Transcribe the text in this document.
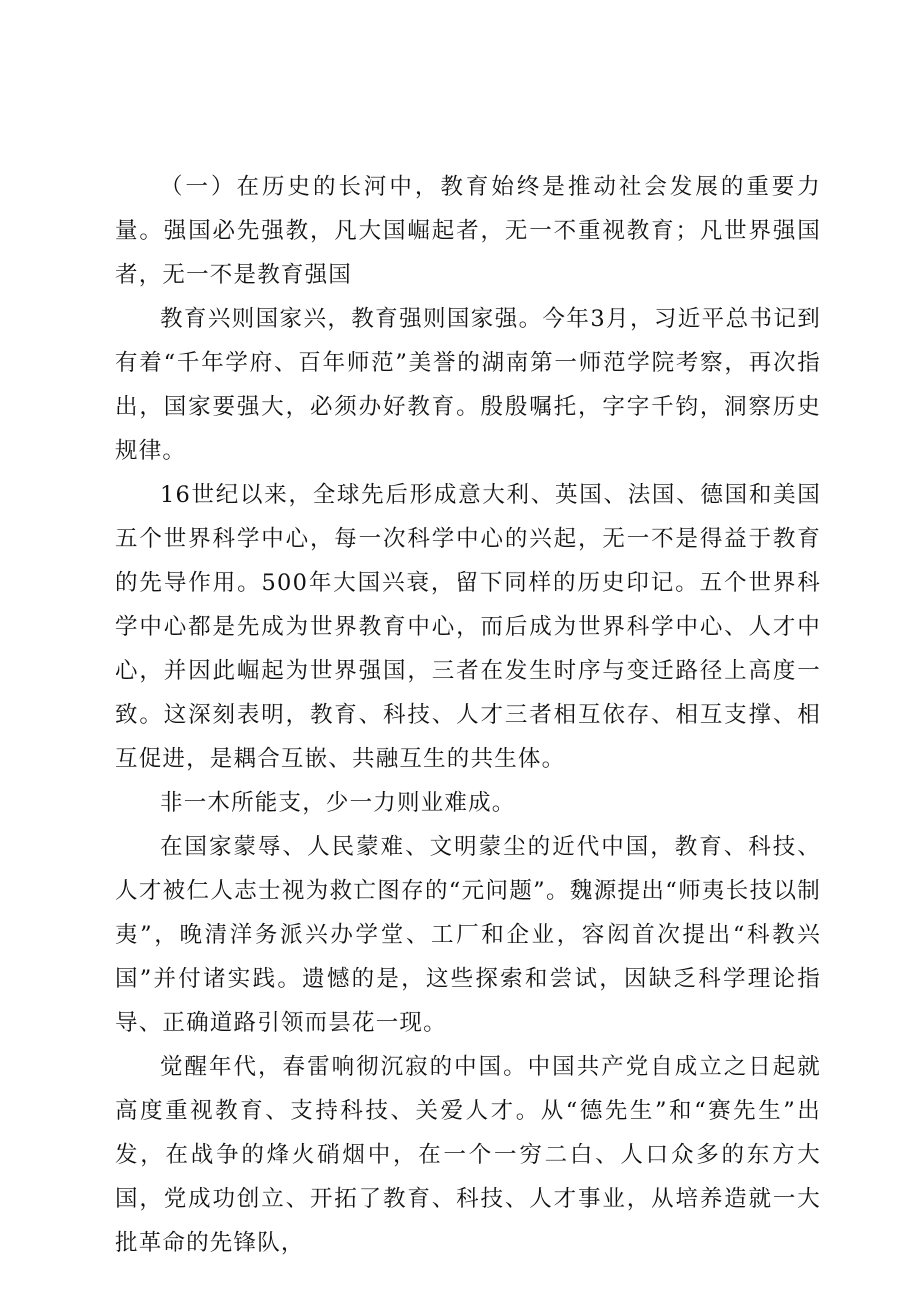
（一）在历史的长河中，教育始终是推动社会发展的重要力量。强国必先强教，凡大国崛起者，无一不重视教育；凡世界强国者，无一不是教育强国

教育兴则国家兴，教育强则国家强。今年3月，习近平总书记到有着“千年学府、百年师范”美誉的湖南第一师范学院考察，再次指出，国家要强大，必须办好教育。殷殷嘱托，字字千钧，洞察历史规律。

16世纪以来，全球先后形成意大利、英国、法国、德国和美国五个世界科学中心，每一次科学中心的兴起，无一不是得益于教育的先导作用。500年大国兴衰，留下同样的历史印记。五个世界科学中心都是先成为世界教育中心，而后成为世界科学中心、人才中心，并因此崛起为世界强国，三者在发生时序与变迁路径上高度一致。这深刻表明，教育、科技、人才三者相互依存、相互支撑、相互促进，是耦合互嵌、共融互生的共生体。

非一木所能支，少一力则业难成。

在国家蒙辱、人民蒙难、文明蒙尘的近代中国，教育、科技、人才被仁人志士视为救亡图存的“元问题”。魏源提出“师夷长技以制夷”，晚清洋务派兴办学堂、工厂和企业，容闳首次提出“科教兴国”并付诸实践。遗憾的是，这些探索和尝试，因缺乏科学理论指导、正确道路引领而昙花一现。

觉醒年代，春雷响彻沉寂的中国。中国共产党自成立之日起就高度重视教育、支持科技、关爱人才。从“德先生”和“赛先生”出发，在战争的烽火硝烟中，在一个一穷二白、人口众多的东方大国，党成功创立、开拓了教育、科技、人才事业，从培养造就一大批革命的先锋队，
